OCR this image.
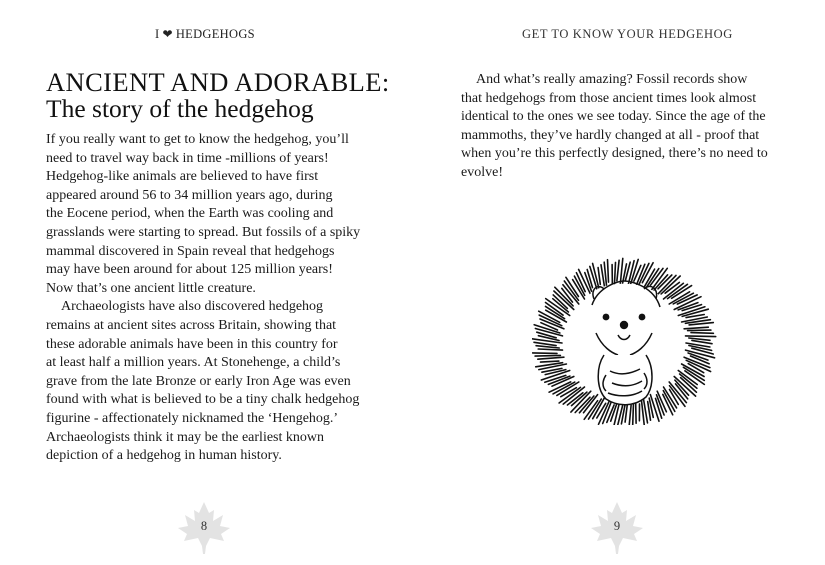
I ❤ HEDGEHOGS
ANCIENT AND ADORABLE:
The story of the hedgehog
If you really want to get to know the hedgehog, you’ll
need to travel way back in time -millions of years!
Hedgehog-like animals are believed to have first
appeared around 56 to 34 million years ago, during
the Eocene period, when the Earth was cooling and
grasslands were starting to spread. But fossils of a spiky
mammal discovered in Spain reveal that hedgehogs
may have been around for about 125 million years!
Now that’s one ancient little creature.
Archaeologists have also discovered hedgehog
remains at ancient sites across Britain, showing that
these adorable animals have been in this country for
at least half a million years. At Stonehenge, a child’s
grave from the late Bronze or early Iron Age was even
found with what is believed to be a tiny chalk hedgehog
figurine - affectionately nicknamed the ‘Hengehog.’
Archaeologists think it may be the earliest known
depiction of a hedgehog in human history.
8
GET TO KNOW YOUR HEDGEHOG
And what’s really amazing? Fossil records show
that hedgehogs from those ancient times look almost
identical to the ones we see today. Since the age of the
mammoths, they’ve hardly changed at all - proof that
when you’re this perfectly designed, there’s no need to
evolve!
9
